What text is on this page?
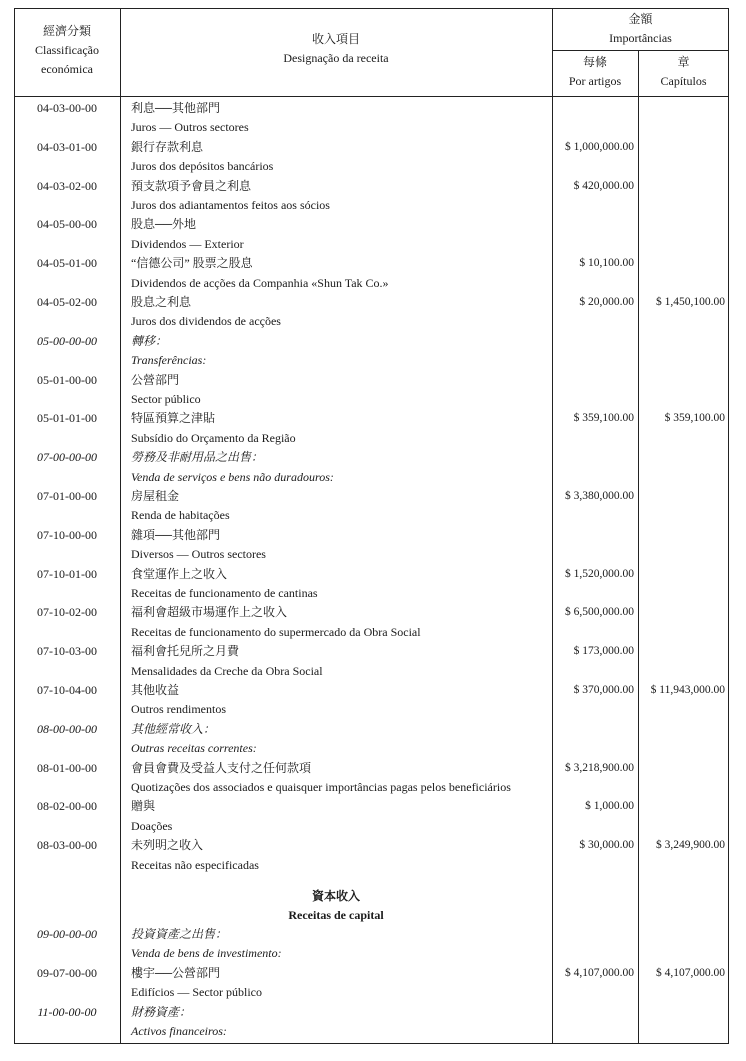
經濟分類
Classificação
económica
收入項目
Designação da receita
金額
Importâncias
每條
Por artigos
章
Capítulos
04-03-00-00	利息──其他部門
Juros — Outros sectores
04-03-01-00	銀行存款利息	$ 1,000,000.00
Juros dos depósitos bancários
04-03-02-00	預支款項予會員之利息	$ 420,000.00
Juros dos adiantamentos feitos aos sócios
04-05-00-00	股息──外地
Dividendos — Exterior
04-05-01-00	“信德公司” 股票之股息	$ 10,100.00
Dividendos de acções da Companhia «Shun Tak Co.»
04-05-02-00	股息之利息	$ 20,000.00	$ 1,450,100.00
Juros dos dividendos de acções
05-00-00-00	轉移：
Transferências:
05-01-00-00	公營部門
Sector público
05-01-01-00	特區預算之津貼	$ 359,100.00	$ 359,100.00
Subsídio do Orçamento da Região
07-00-00-00	勞務及非耐用品之出售：
Venda de serviços e bens não duradouros:
07-01-00-00	房屋租金	$ 3,380,000.00
Renda de habitações
07-10-00-00	雜項──其他部門
Diversos — Outros sectores
07-10-01-00	食堂運作上之收入	$ 1,520,000.00
Receitas de funcionamento de cantinas
07-10-02-00	福利會超級市場運作上之收入	$ 6,500,000.00
Receitas de funcionamento do supermercado da Obra Social
07-10-03-00	福利會托兒所之月費	$ 173,000.00
Mensalidades da Creche da Obra Social
07-10-04-00	其他收益	$ 370,000.00	$ 11,943,000.00
Outros rendimentos
08-00-00-00	其他經常收入：
Outras receitas correntes:
08-01-00-00	會員會費及受益人支付之任何款項	$ 3,218,900.00
Quotizações dos associados e quaisquer importâncias pagas pelos beneficiários
08-02-00-00	贈與	$ 1,000.00
Doações
08-03-00-00	未列明之收入	$ 30,000.00	$ 3,249,900.00
Receitas não especificadas
資本收入
Receitas de capital
09-00-00-00	投資資產之出售：
Venda de bens de investimento:
09-07-00-00	樓宇──公營部門	$ 4,107,000.00	$ 4,107,000.00
Edifícios — Sector público
11-00-00-00	財務資產：
Activos financeiros:
